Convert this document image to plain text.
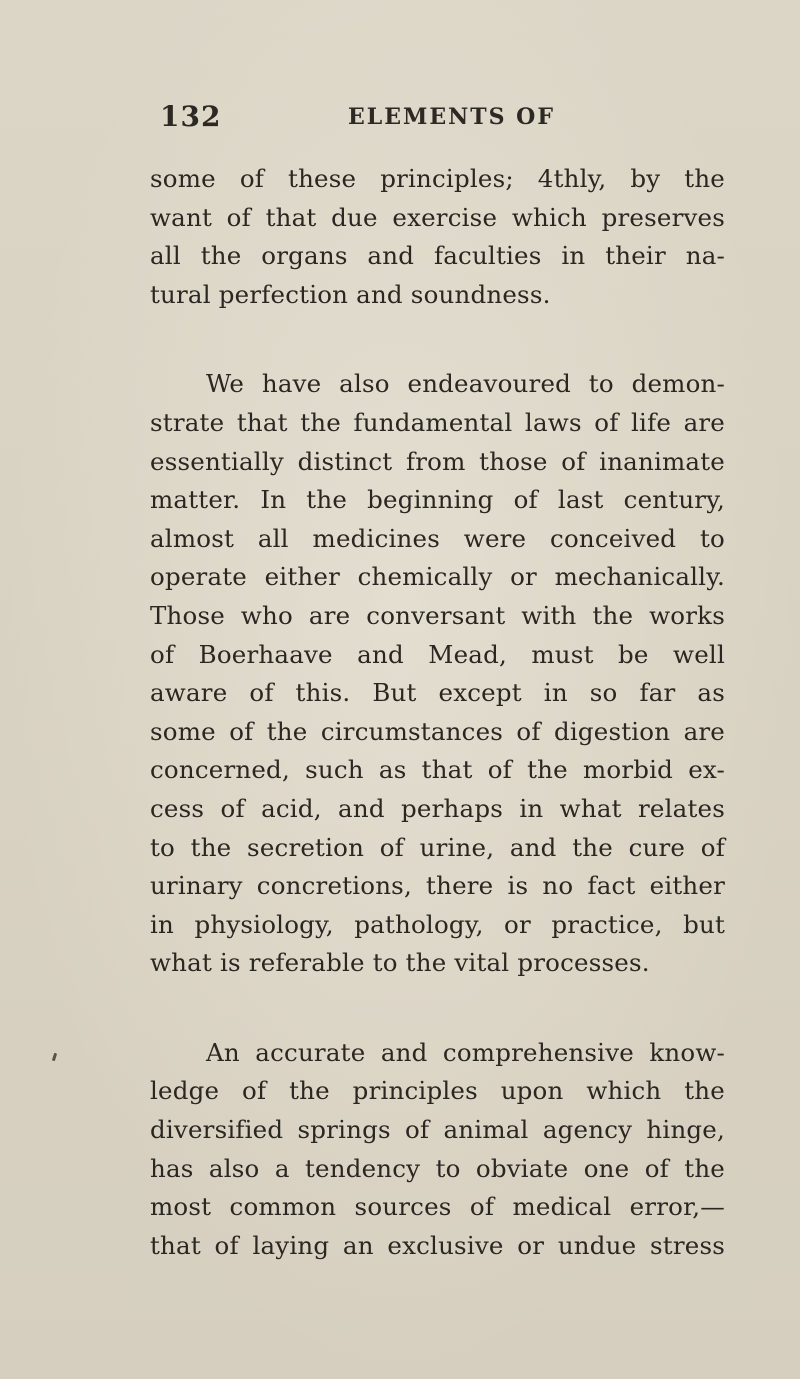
132	ELEMENTS OF

some of these principles; 4thly, by the
want of that due exercise which preserves
all the organs and faculties in their na-
tural perfection and soundness.

We have also endeavoured to demon-
strate that the fundamental laws of life are
essentially distinct from those of inanimate
matter. In the beginning of last century,
almost all medicines were conceived to
operate either chemically or mechanically.
Those who are conversant with the works
of Boerhaave and Mead, must be well
aware of this. But except in so far as
some of the circumstances of digestion are
concerned, such as that of the morbid ex-
cess of acid, and perhaps in what relates
to the secretion of urine, and the cure of
urinary concretions, there is no fact either
in physiology, pathology, or practice, but
what is referable to the vital processes.

An accurate and comprehensive know-
ledge of the principles upon which the
diversified springs of animal agency hinge,
has also a tendency to obviate one of the
most common sources of medical error,—
that of laying an exclusive or undue stress
